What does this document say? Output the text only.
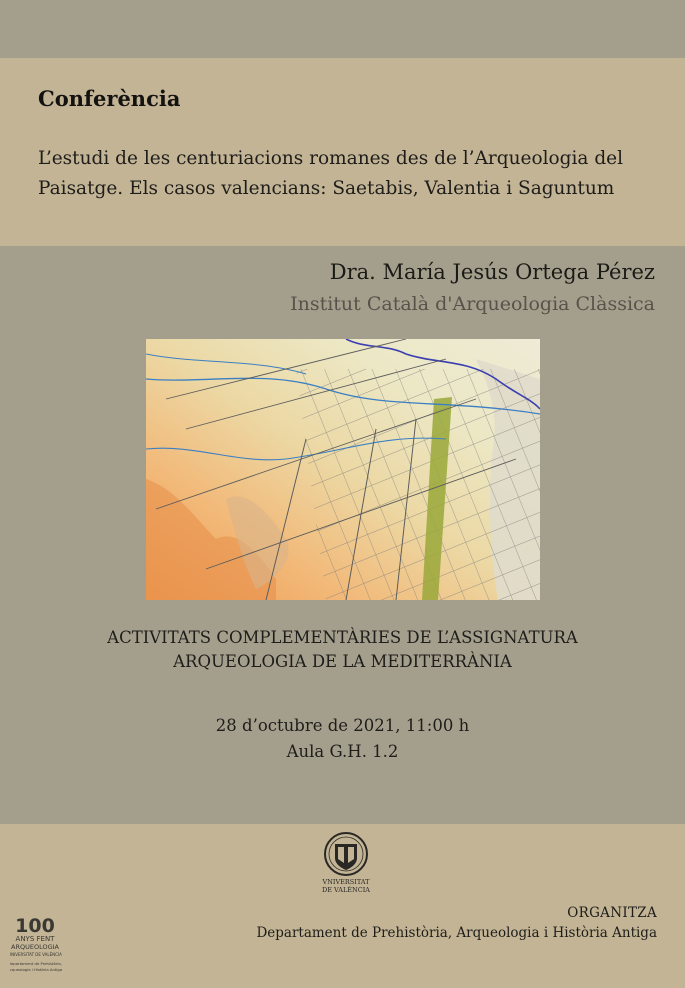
Conferència
L’estudi de les centuriacions romanes des de l’Arqueologia del
Paisatge. Els casos valencians: Saetabis, Valentia i Saguntum
Dra. María Jesús Ortega Pérez
Institut Català d'Arqueologia Clàssica
ACTIVITATS COMPLEMENTÀRIES DE L’ASSIGNATURA
ARQUEOLOGIA DE LA MEDITERRÀNIA
28 d’octubre de 2021, 11:00 h
Aula G.H. 1.2
VNIVERSITAT
DE VALÈNCIA
100
ANYS FENT
ARQUEOLOGIA
UNIVERSITAT DE VALÈNCIA
Departament de Prehistòria,
Arqueologia i Història Antiga
ORGANITZA
Departament de Prehistòria, Arqueologia i Història Antiga
